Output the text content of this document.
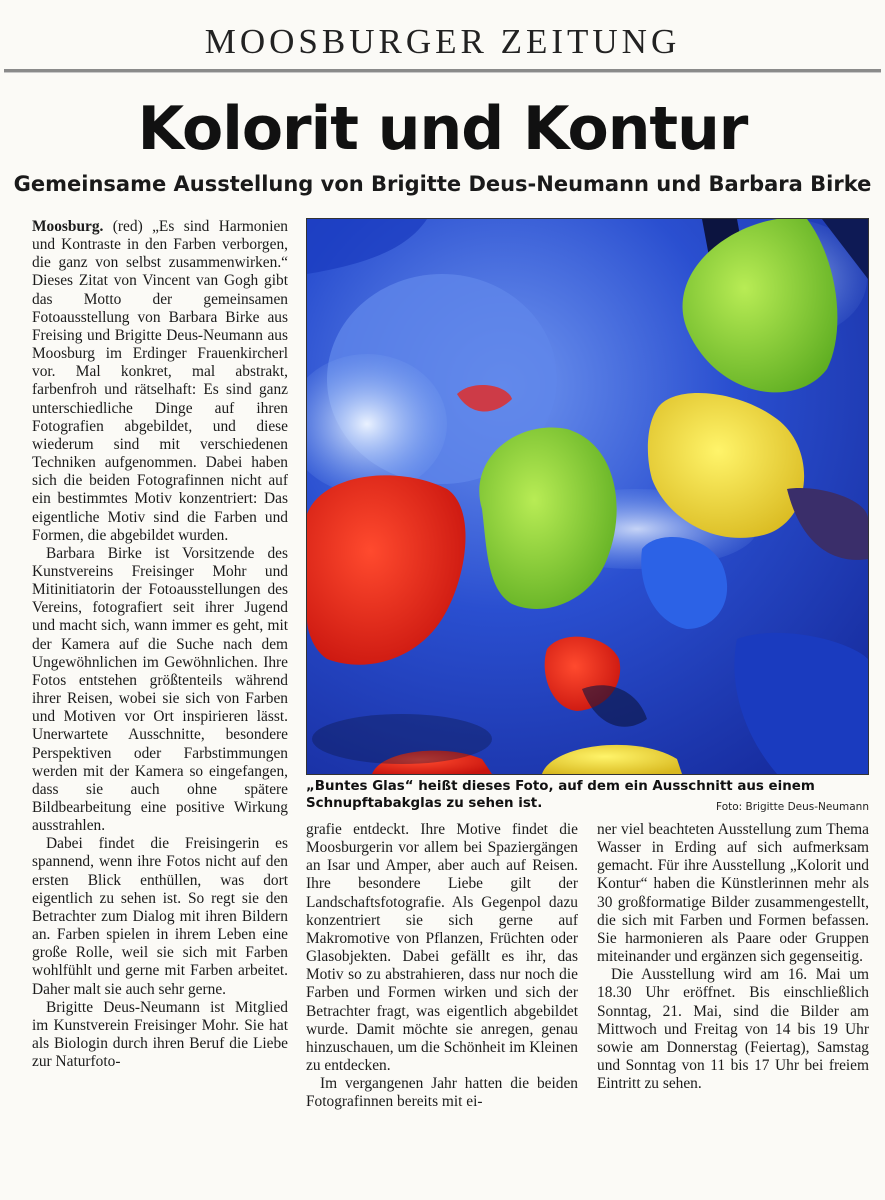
MOOSBURGER ZEITUNG
Kolorit und Kontur
Gemeinsame Ausstellung von Brigitte Deus-Neumann und Barbara Birke

Moosburg. (red) „Es sind Harmonien und Kontraste in den Farben verborgen, die ganz von selbst zusammenwirken.“ Dieses Zitat von Vincent van Gogh gibt das Motto der gemeinsamen Fotoausstellung von Barbara Birke aus Freising und Brigitte Deus-Neumann aus Moosburg im Erdinger Frauenkircherl vor. Mal konkret, mal abstrakt, farbenfroh und rätselhaft: Es sind ganz unterschiedliche Dinge auf ihren Fotografien abgebildet, und diese wiederum sind mit verschiedenen Techniken aufgenommen. Dabei haben sich die beiden Fotografinnen nicht auf ein bestimmtes Motiv konzentriert: Das eigentliche Motiv sind die Farben und Formen, die abgebildet wurden.

Barbara Birke ist Vorsitzende des Kunstvereins Freisinger Mohr und Mitinitiatorin der Fotoausstellungen des Vereins, fotografiert seit ihrer Jugend und macht sich, wann immer es geht, mit der Kamera auf die Suche nach dem Ungewöhnlichen im Gewöhnlichen. Ihre Fotos entstehen größtenteils während ihrer Reisen, wobei sie sich von Farben und Motiven vor Ort inspirieren lässt. Unerwartete Ausschnitte, besondere Perspektiven oder Farbstimmungen werden mit der Kamera so eingefangen, dass sie auch ohne spätere Bildbearbeitung eine positive Wirkung ausstrahlen.

Dabei findet die Freisingerin es spannend, wenn ihre Fotos nicht auf den ersten Blick enthüllen, was dort eigentlich zu sehen ist. So regt sie den Betrachter zum Dialog mit ihren Bildern an. Farben spielen in ihrem Leben eine große Rolle, weil sie sich mit Farben wohlfühlt und gerne mit Farben arbeitet. Daher malt sie auch sehr gerne.

Brigitte Deus-Neumann ist Mitglied im Kunstverein Freisinger Mohr. Sie hat als Biologin durch ihren Beruf die Liebe zur Naturfoto-

„Buntes Glas“ heißt dieses Foto, auf dem ein Ausschnitt aus einem Schnupftabakglas zu sehen ist.	Foto: Brigitte Deus-Neumann

grafie entdeckt. Ihre Motive findet die Moosburgerin vor allem bei Spaziergängen an Isar und Amper, aber auch auf Reisen. Ihre besondere Liebe gilt der Landschaftsfotografie. Als Gegenpol dazu konzentriert sie sich gerne auf Makromotive von Pflanzen, Früchten oder Glasobjekten. Dabei gefällt es ihr, das Motiv so zu abstrahieren, dass nur noch die Farben und Formen wirken und sich der Betrachter fragt, was eigentlich abgebildet wurde. Damit möchte sie anregen, genau hinzuschauen, um die Schönheit im Kleinen zu entdecken.

Im vergangenen Jahr hatten die beiden Fotografinnen bereits mit ei-

ner viel beachteten Ausstellung zum Thema Wasser in Erding auf sich aufmerksam gemacht. Für ihre Ausstellung „Kolorit und Kontur“ haben die Künstlerinnen mehr als 30 großformatige Bilder zusammengestellt, die sich mit Farben und Formen befassen. Sie harmonieren als Paare oder Gruppen miteinander und ergänzen sich gegenseitig.

Die Ausstellung wird am 16. Mai um 18.30 Uhr eröffnet. Bis einschließlich Sonntag, 21. Mai, sind die Bilder am Mittwoch und Freitag von 14 bis 19 Uhr sowie am Donnerstag (Feiertag), Samstag und Sonntag von 11 bis 17 Uhr bei freiem Eintritt zu sehen.
